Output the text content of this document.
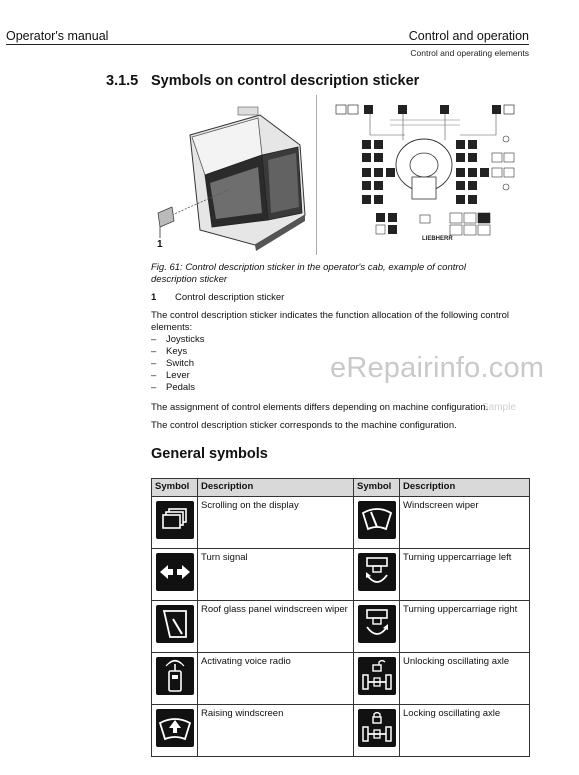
Operator's manual	Control and operation
Control and operating elements
3.1.5 Symbols on control description sticker
LIEBHERR
1
Fig. 61: Control description sticker in the operator's cab, example of control description sticker
1 Control description sticker
The control description sticker indicates the function allocation of the following control elements:
– Joysticks
– Keys
– Switch
– Lever
– Pedals
eRepairinfo.com
Sample
The assignment of control elements differs depending on machine configuration.
The control description sticker corresponds to the machine configuration.
General symbols
Symbol	Description	Symbol	Description

	Scrolling on the display		Windscreen wiper

	Turn signal		Turning uppercarriage left

	Roof glass panel windscreen wiper		Turning uppercarriage right

	Activating voice radio		Unlocking oscillating axle

	Raising windscreen		Locking oscillating axle
